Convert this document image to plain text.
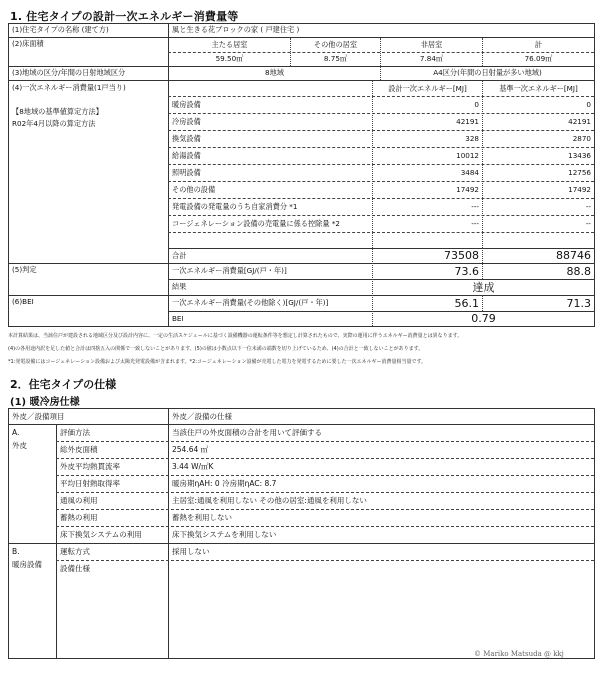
1. 住宅タイプの設計一次エネルギー消費量等
(1)住宅タイプの名称 (建て方)	風と生きる花ブロックの家 ( 戸建住宅 )
(2)床面積	主たる居室	その他の居室	非居室	計
59.50㎡	8.75㎡	7.84㎡	76.09㎡
(3)地域の区分/年間の日射地域区分	8地域	A4区分(年間の日射量が多い地域)
(4)一次エネルギー消費量(1戸当り)
【8地域の基準値算定方法】
R02年4月以降の算定方法
設計一次エネルギー[MJ]	基準一次エネルギー[MJ]
暖房設備	0	0
冷房設備	42191	42191
換気設備	328	2870
給湯設備	10012	13436
照明設備	3484	12756
その他の設備	17492	17492
発電設備の発電量のうち自家消費分 *1	---	--
コージェネレーション設備の売電量に係る控除量 *2	---	--
合計	73508	88746
(5)判定	一次エネルギー消費量[GJ/(戸・年)]	73.6	88.8
結果	達成
(6)BEI	一次エネルギー消費量(その他除く)[GJ/(戸・年)]	56.1	71.3
BEI	0.79
本計算結果は、当該住戸が建設される地域区分及び設計内容に、一定の生活スケジュールに基づく設備機器の運転条件等を想定し計算されたもので、実際の運用に伴うエネルギー消費量とは異なります。
(4)の各用途内訳を足した値と合計は四捨五入の関係で一致しないことがあります。(5)の値は小数点以下一位未満の端数を切り上げているため、(4)の合計と一致しないことがあります。
*1:発電設備にはコージェネレーション設備および太陽光発電設備が含まれます。*2:コージェネレーション設備が売電した電力を発電するために要した一次エネルギー消費量相当量です。
2．住宅タイプの仕様
(1) 暖冷房仕様
外皮／設備項目	外皮／設備の仕様
A.
外皮
評価方法	当該住戸の外皮面積の合計を用いて評価する
総外皮面積	254.64 ㎡
外皮平均熱貫流率	3.44 W/㎡K
平均日射熱取得率	暖房期ηAH: 0 冷房期ηAC: 8.7
通風の利用	主居室:通風を利用しない その他の居室:通風を利用しない
蓄熱の利用	蓄熱を利用しない
床下換気システムの利用	床下換気システムを利用しない
B.
暖房設備
運転方式	採用しない
設備仕様
© Mariko Matsuda @ kkj
